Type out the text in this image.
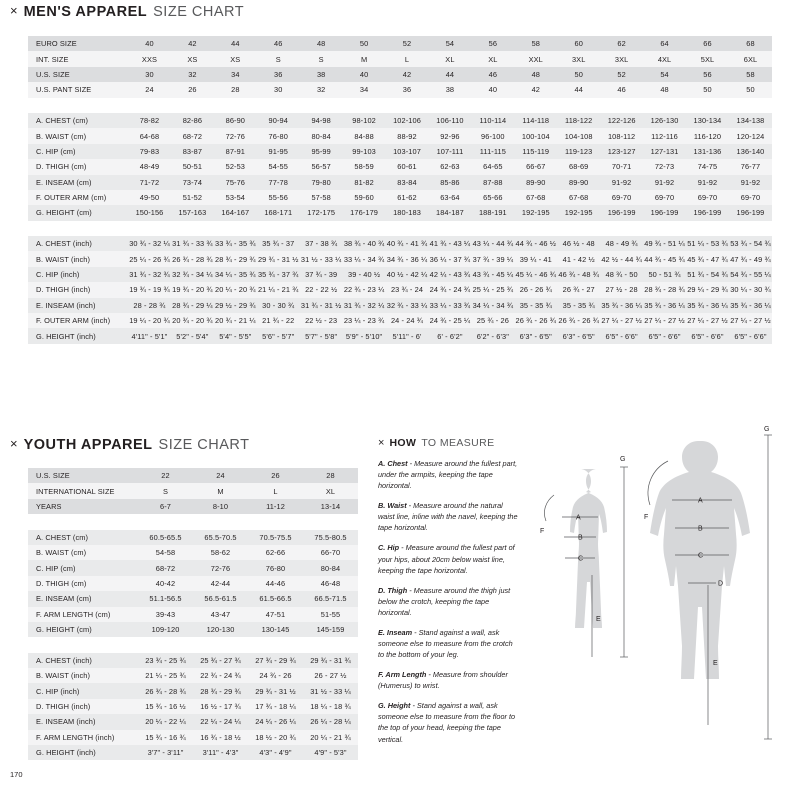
× MEN'S APPAREL SIZE CHART
EURO SIZE	40	42	44	46	48	50	52	54	56	58	60	62	64	66	68
INT. SIZE	XXS	XS	XS	S	S	M	L	XL	XL	XXL	3XL	3XL	4XL	5XL	6XL
U.S. SIZE	30	32	34	36	38	40	42	44	46	48	50	52	54	56	58
U.S. PANT SIZE	24	26	28	30	32	34	36	38	40	42	44	46	48	50	50

A. CHEST (cm)	78-82	82-86	86-90	90-94	94-98	98-102	102-106	106-110	110-114	114-118	118-122	122-126	126-130	130-134	134-138
B. WAIST (cm)	64-68	68-72	72-76	76-80	80-84	84-88	88-92	92-96	96-100	100-104	104-108	108-112	112-116	116-120	120-124
C. HIP (cm)	79-83	83-87	87-91	91-95	95-99	99-103	103-107	107-111	111-115	115-119	119-123	123-127	127-131	131-136	136-140
D. THIGH (cm)	48-49	50-51	52-53	54-55	56-57	58-59	60-61	62-63	64-65	66-67	68-69	70-71	72-73	74-75	76-77
E. INSEAM (cm)	71-72	73-74	75-76	77-78	79-80	81-82	83-84	85-86	87-88	89-90	89-90	91-92	91-92	91-92	91-92
F. OUTER ARM (cm)	49-50	51-52	53-54	55-56	57-58	59-60	61-62	63-64	65-66	67-68	67-68	69-70	69-70	69-70	69-70
G. HEIGHT (cm)	150-156	157-163	164-167	168-171	172-175	176-179	180-183	184-187	188-191	192-195	192-195	196-199	196-199	196-199	196-199

A. CHEST (inch)	30 ¾ - 32 ¼	31 ¾ - 33 ¾	33 ¾ - 35 ¾	35 ¾ - 37	37 - 38 ¾	38 ¾ - 40 ¾	40 ¾ - 41 ¾	41 ¾ - 43 ¼	43 ¼ - 44 ¾	44 ¾ - 46 ½	46 ½ - 48	48 - 49 ¾	49 ¾ - 51 ¼	51 ¼ - 53 ¾	53 ¾ - 54 ¾
B. WAIST (inch)	25 ¼ - 26 ¾	26 ¾ - 28 ¾	28 ¾ - 29 ¾	29 ¾ - 31 ½	31 ½ - 33 ¼	33 ¼ - 34 ¾	34 ¾ - 36 ¼	36 ¼ - 37 ¾	37 ¾ - 39 ¼	39 ¼ - 41	41 - 42 ½	42 ½ - 44 ¾	44 ¾ - 45 ¾	45 ¾ - 47 ¾	47 ¾ - 49 ¾
C. HIP (inch)	31 ¾ - 32 ¾	32 ¾ - 34 ¼	34 ¼ - 35 ¾	35 ¾ - 37 ¾	37 ¾ - 39	39 - 40 ½	40 ½ - 42 ¼	42 ¼ - 43 ¾	43 ¾ - 45 ¼	45 ¼ - 46 ¾	46 ¾ - 48 ¾	48 ¾ - 50	50 - 51 ¾	51 ¾ - 54 ¾	54 ¾ - 55 ¼
D. THIGH (inch)	19 ¾ - 19 ¾	19 ¾ - 20 ¾	20 ¼ - 20 ¾	21 ¼ - 21 ¾	22 - 22 ½	22 ¾ - 23 ¼	23 ¾ - 24	24 ¾ - 24 ¾	25 ¼ - 25 ¾	26 - 26 ¾	26 ¾ - 27	27 ½ - 28	28 ¾ - 28 ¾	29 ¼ - 29 ¾	30 ¼ - 30 ¾
E. INSEAM (inch)	28 - 28 ¾	28 ¾ - 29 ¼	29 ½ - 29 ¾	30 - 30 ¾	31 ¾ - 31 ½	31 ¾ - 32 ¼	32 ¾ - 33 ¼	33 ¼ - 33 ¾	34 ¼ - 34 ¾	35 - 35 ¾	35 - 35 ¾	35 ¾ - 36 ¼	35 ¾ - 36 ¼	35 ¾ - 36 ¼	35 ¾ - 36 ¼
F. OUTER ARM (inch)	19 ¼ - 20 ¾	20 ¾ - 20 ¾	20 ¾ - 21 ¼	21 ¾ - 22	22 ½ - 23	23 ¼ - 23 ¾	24 - 24 ¾	24 ¾ - 25 ¼	25 ¾ - 26	26 ¾ - 26 ¾	26 ¾ - 26 ¾	27 ¼ - 27 ½	27 ¼ - 27 ½	27 ¼ - 27 ½	27 ¼ - 27 ½
G. HEIGHT (inch)	4'11" - 5'1"	5'2" - 5'4"	5'4" - 5'5"	5'6" - 5'7"	5'7" - 5'8"	5'9" - 5'10"	5'11" - 6'	6' - 6'2"	6'2" - 6'3"	6'3" - 6'5"	6'3" - 6'5"	6'5" - 6'6"	6'5" - 6'6"	6'5" - 6'6"	6'5" - 6'6"
× YOUTH APPAREL SIZE CHART
U.S. SIZE	22	24	26	28
INTERNATIONAL SIZE	S	M	L	XL
YEARS	6-7	8-10	11-12	13-14

A. CHEST (cm)	60.5-65.5	65.5-70.5	70.5-75.5	75.5-80.5
B. WAIST (cm)	54-58	58-62	62-66	66-70
C. HIP (cm)	68-72	72-76	76-80	80-84
D. THIGH (cm)	40-42	42-44	44-46	46-48
E. INSEAM (cm)	51.1-56.5	56.5-61.5	61.5-66.5	66.5-71.5
F. ARM LENGTH (cm)	39-43	43-47	47-51	51-55
G. HEIGHT (cm)	109-120	120-130	130-145	145-159

A. CHEST (inch)	23 ¾ - 25 ¾	25 ¾ - 27 ¾	27 ¾ - 29 ¾	29 ¾ - 31 ¾
B. WAIST (inch)	21 ¼ - 25 ¾	22 ¾ - 24 ¾	24 ¾ - 26	26 - 27 ½
C. HIP (inch)	26 ¾ - 28 ¾	28 ¾ - 29 ¾	29 ¾ - 31 ½	31 ½ - 33 ¼
D. THIGH (inch)	15 ¾ - 16 ½	16 ½ - 17 ¾	17 ¾ - 18 ¼	18 ¼ - 18 ¾
E. INSEAM (inch)	20 ¼ - 22 ¼	22 ¼ - 24 ¼	24 ¼ - 26 ¼	26 ¼ - 28 ¼
F. ARM LENGTH (inch)	15 ¾ - 16 ¾	16 ¾ - 18 ½	18 ½ - 20 ¾	20 ¼ - 21 ¾
G. HEIGHT (inch)	3'7" - 3'11"	3'11" - 4'3"	4'3" - 4'9"	4'9" - 5'3"
× HOW TO MEASURE

A. Chest - Measure around the fullest part, under the armpits, keeping the tape horizontal.

B. Waist - Measure around the natural waist line, inline with the navel, keeping the tape horizontal.

C. Hip - Measure around the fullest part of your hips, about 20cm below waist line, keeping the tape horizontal.

D. Thigh - Measure around the thigh just below the crotch, keeping the tape horizontal.

E. Inseam - Stand against a wall, ask someone else to measure from the crotch to the bottom of your leg.

F. Arm Length - Measure from shoulder (Humerus) to wrist.

G. Height - Stand against a wall, ask someone else to measure from the floor to the top of your head, keeping the tape vertical.

F
A
B
C
E
G
F
A
B
C
D
E
G
170
